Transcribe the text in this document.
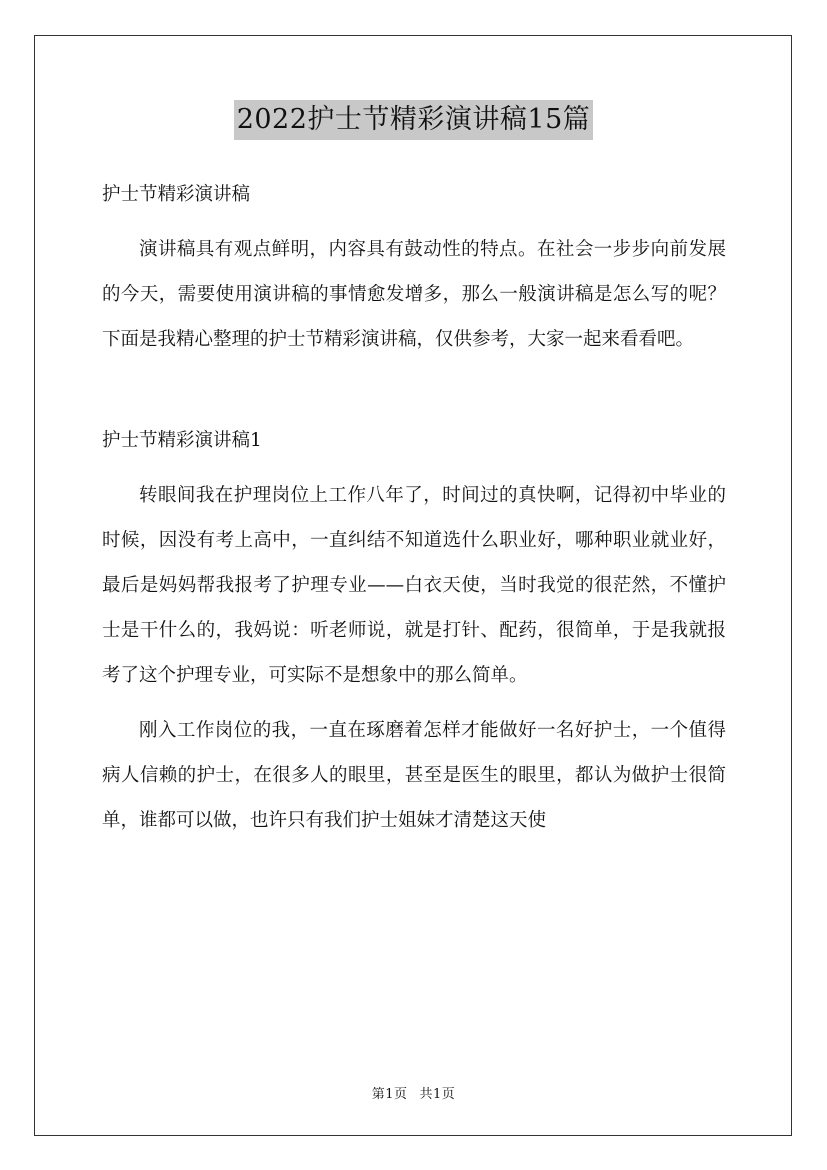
2022护士节精彩演讲稿15篇

护士节精彩演讲稿

演讲稿具有观点鲜明，内容具有鼓动性的特点。在社会一步步向前发展的今天，需要使用演讲稿的事情愈发增多，那么一般演讲稿是怎么写的呢？下面是我精心整理的护士节精彩演讲稿，仅供参考，大家一起来看看吧。

护士节精彩演讲稿1

转眼间我在护理岗位上工作八年了，时间过的真快啊，记得初中毕业的时候，因没有考上高中，一直纠结不知道选什么职业好，哪种职业就业好，最后是妈妈帮我报考了护理专业——白衣天使，当时我觉的很茫然，不懂护士是干什么的，我妈说：听老师说，就是打针、配药，很简单，于是我就报考了这个护理专业，可实际不是想象中的那么简单。

刚入工作岗位的我，一直在琢磨着怎样才能做好一名好护士，一个值得病人信赖的护士，在很多人的眼里，甚至是医生的眼里，都认为做护士很简单，谁都可以做，也许只有我们护士姐妹才清楚这天使

第1页 共1页
